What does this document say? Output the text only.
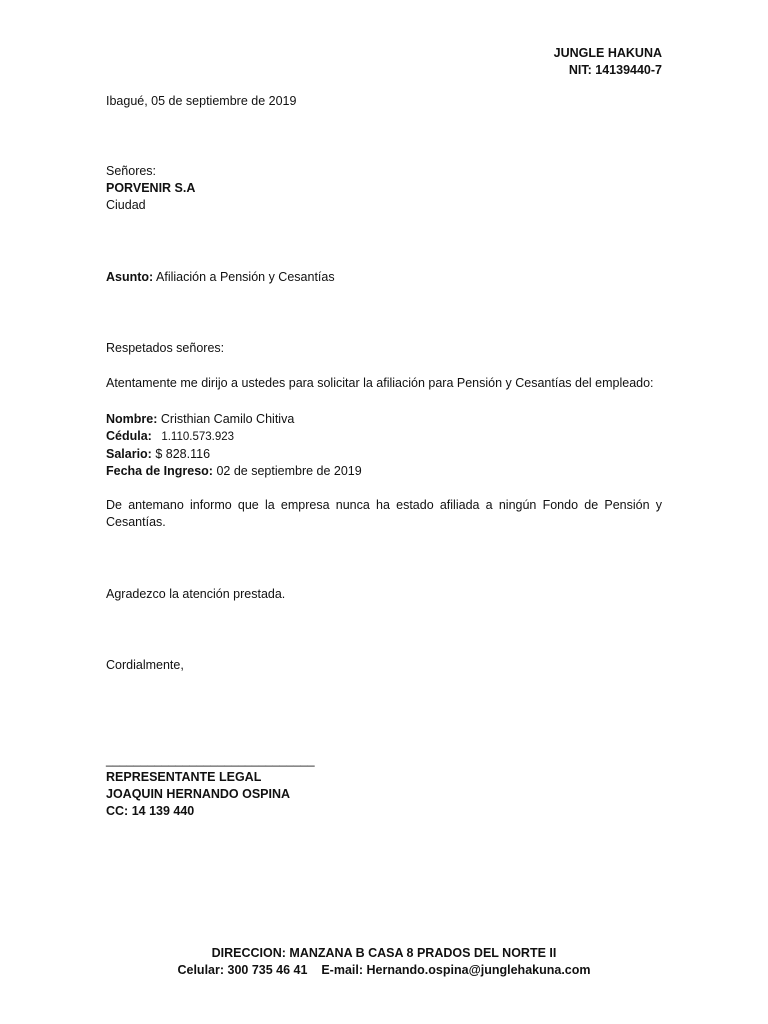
JUNGLE HAKUNA
NIT: 14139440-7
Ibagué, 05 de septiembre de 2019
Señores:
PORVENIR S.A
Ciudad
Asunto: Afiliación a Pensión y Cesantías
Respetados señores:
Atentamente me dirijo a ustedes para solicitar la afiliación para Pensión y Cesantías del empleado:
Nombre: Cristhian Camilo Chitiva
Cédula: 1.110.573.923
Salario: $ 828.116
Fecha de Ingreso: 02 de septiembre de 2019
De antemano informo que la empresa nunca ha estado afiliada a ningún Fondo de Pensión y Cesantías.
Agradezco la atención prestada.
Cordialmente,
______________________________
REPRESENTANTE LEGAL
JOAQUIN HERNANDO OSPINA
CC: 14 139 440
DIRECCION: MANZANA B CASA 8 PRADOS DEL NORTE II
Celular: 300 735 46 41    E-mail: Hernando.ospina@junglehakuna.com
